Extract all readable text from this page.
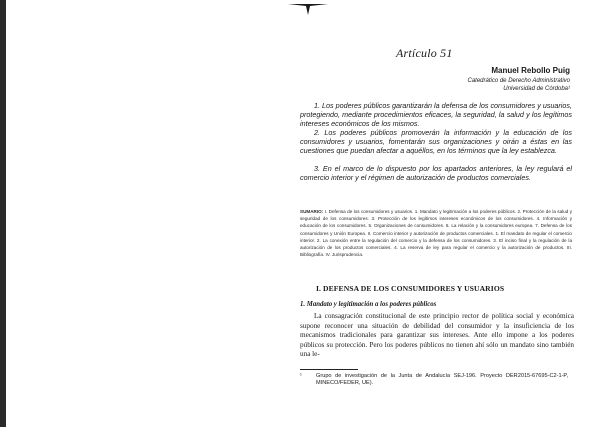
Artículo 51
Manuel Rebollo Puig
Catedrático de Derecho Administrativo
Universidad de Córdoba¹

1. Los poderes públicos garantizarán la defensa de los consumidores y usuarios, protegiendo, mediante procedimientos eficaces, la seguridad, la salud y los legítimos intereses económicos de los mismos.

2. Los poderes públicos promoverán la información y la educación de los consumidores y usuarios, fomentarán sus organizaciones y oirán a éstas en las cuestiones que puedan afectar a aquéllos, en los términos que la ley establezca.

3. En el marco de lo dispuesto por los apartados anteriores, la ley regulará el comercio interior y el régimen de autorización de productos comerciales.

SUMARIO: I. Defensa de los consumidores y usuarios. 1. Mandato y legitimación a los poderes públicos. 2. Protección de la salud y seguridad de los consumidores. 3. Protección de los legítimos intereses económicos de los consumidores. 4. Información y educación de los consumidores. 5. Organizaciones de consumidores. 6. La relación y la consumidores europea. 7. Defensa de los consumidores y Unión Europea. II. Comercio interior y autorización de productos comerciales. 1. El mandato de regular el comercio interior. 2. La conexión entre la regulación del comercio y la defensa de los consumidores. 3. El inciso final y la regulación de la autorización de los productos comerciales. 4. La reserva de ley para regular el comercio y la autorización de productos. III. Bibliografía. IV. Jurisprudencia.
I. DEFENSA DE LOS CONSUMIDORES Y USUARIOS
1. Mandato y legitimación a los poderes públicos

La consagración constitucional de este principio rector de política social y económica supone reconocer una situación de debilidad del consumidor y la insuficiencia de los mecanismos tradicionales para garantizar sus intereses. Ante ello impone a los poderes públicos su protección. Pero los poderes públicos no tienen ahí sólo un mandato sino también una le-

¹	Grupo de investigación de la Junta de Andalucía SEJ-196. Proyecto DER2015-67695-C2-1-P, MINECO/FEDER, UE).
